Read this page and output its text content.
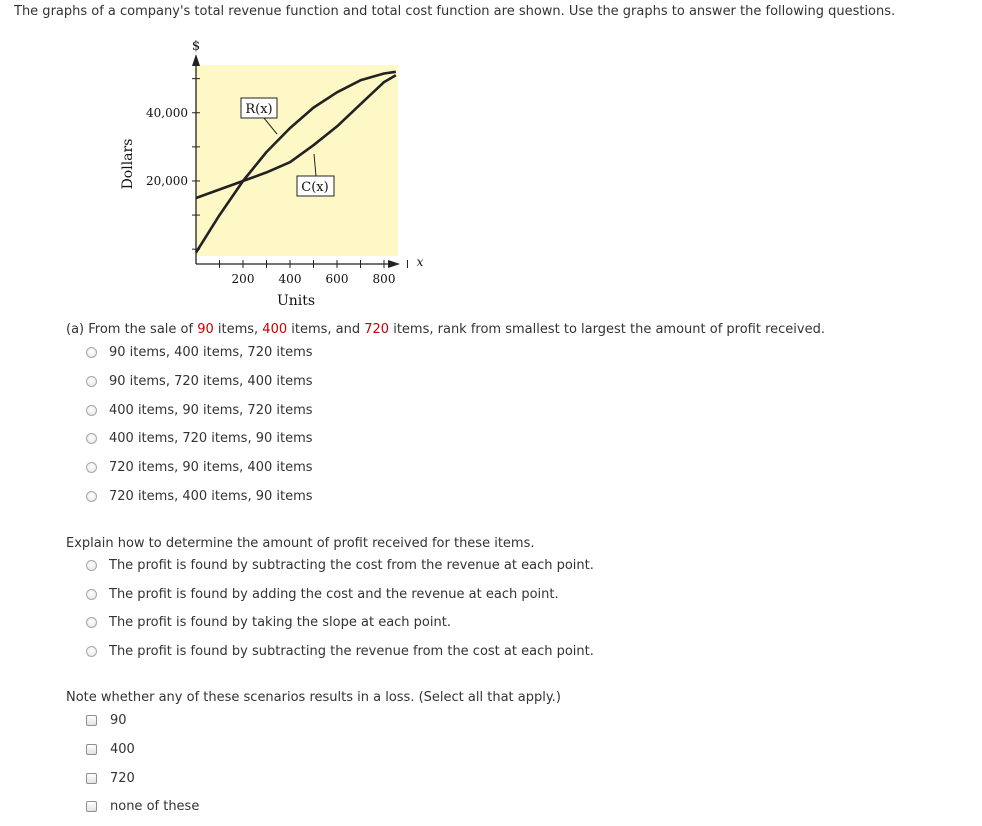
The graphs of a company's total revenue function and total cost function are shown. Use the graphs to answer the following questions.
20,000
40,000
200 400 600 800
R(x)
C(x)
$
x
Dollars
Units
(a) From the sale of 90 items, 400 items, and 720 items, rank from smallest to largest the amount of profit received.
90 items, 400 items, 720 items
90 items, 720 items, 400 items
400 items, 90 items, 720 items
400 items, 720 items, 90 items
720 items, 90 items, 400 items
720 items, 400 items, 90 items
Explain how to determine the amount of profit received for these items.
The profit is found by subtracting the cost from the revenue at each point.
The profit is found by adding the cost and the revenue at each point.
The profit is found by taking the slope at each point.
The profit is found by subtracting the revenue from the cost at each point.
Note whether any of these scenarios results in a loss. (Select all that apply.)
90
400
720
none of these
